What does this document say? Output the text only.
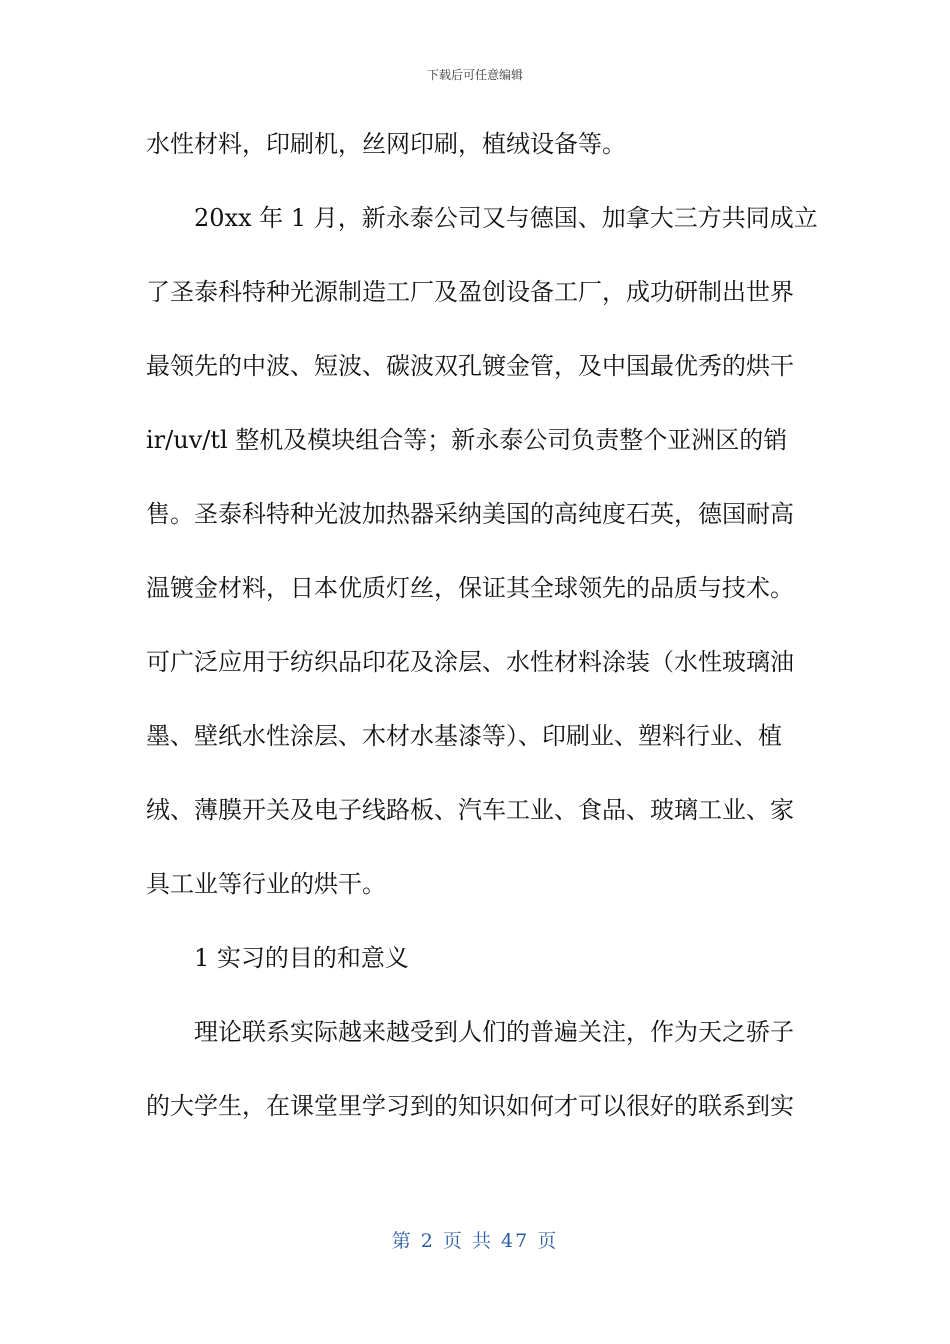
下载后可任意编辑
水性材料，印刷机，丝网印刷，植绒设备等。
20xx 年 1 月，新永泰公司又与德国、加拿大三方共同成立
了圣泰科特种光源制造工厂及盈创设备工厂，成功研制出世界
最领先的中波、短波、碳波双孔镀金管，及中国最优秀的烘干
ir/uv/tl 整机及模块组合等；新永泰公司负责整个亚洲区的销
售。圣泰科特种光波加热器采纳美国的高纯度石英，德国耐高
温镀金材料，日本优质灯丝，保证其全球领先的品质与技术。
可广泛应用于纺织品印花及涂层、水性材料涂装（水性玻璃油
墨、壁纸水性涂层、木材水基漆等）、印刷业、塑料行业、植
绒、薄膜开关及电子线路板、汽车工业、食品、玻璃工业、家
具工业等行业的烘干。
1 实习的目的和意义
理论联系实际越来越受到人们的普遍关注，作为天之骄子
的大学生，在课堂里学习到的知识如何才可以很好的联系到实
第 2 页 共 47 页
